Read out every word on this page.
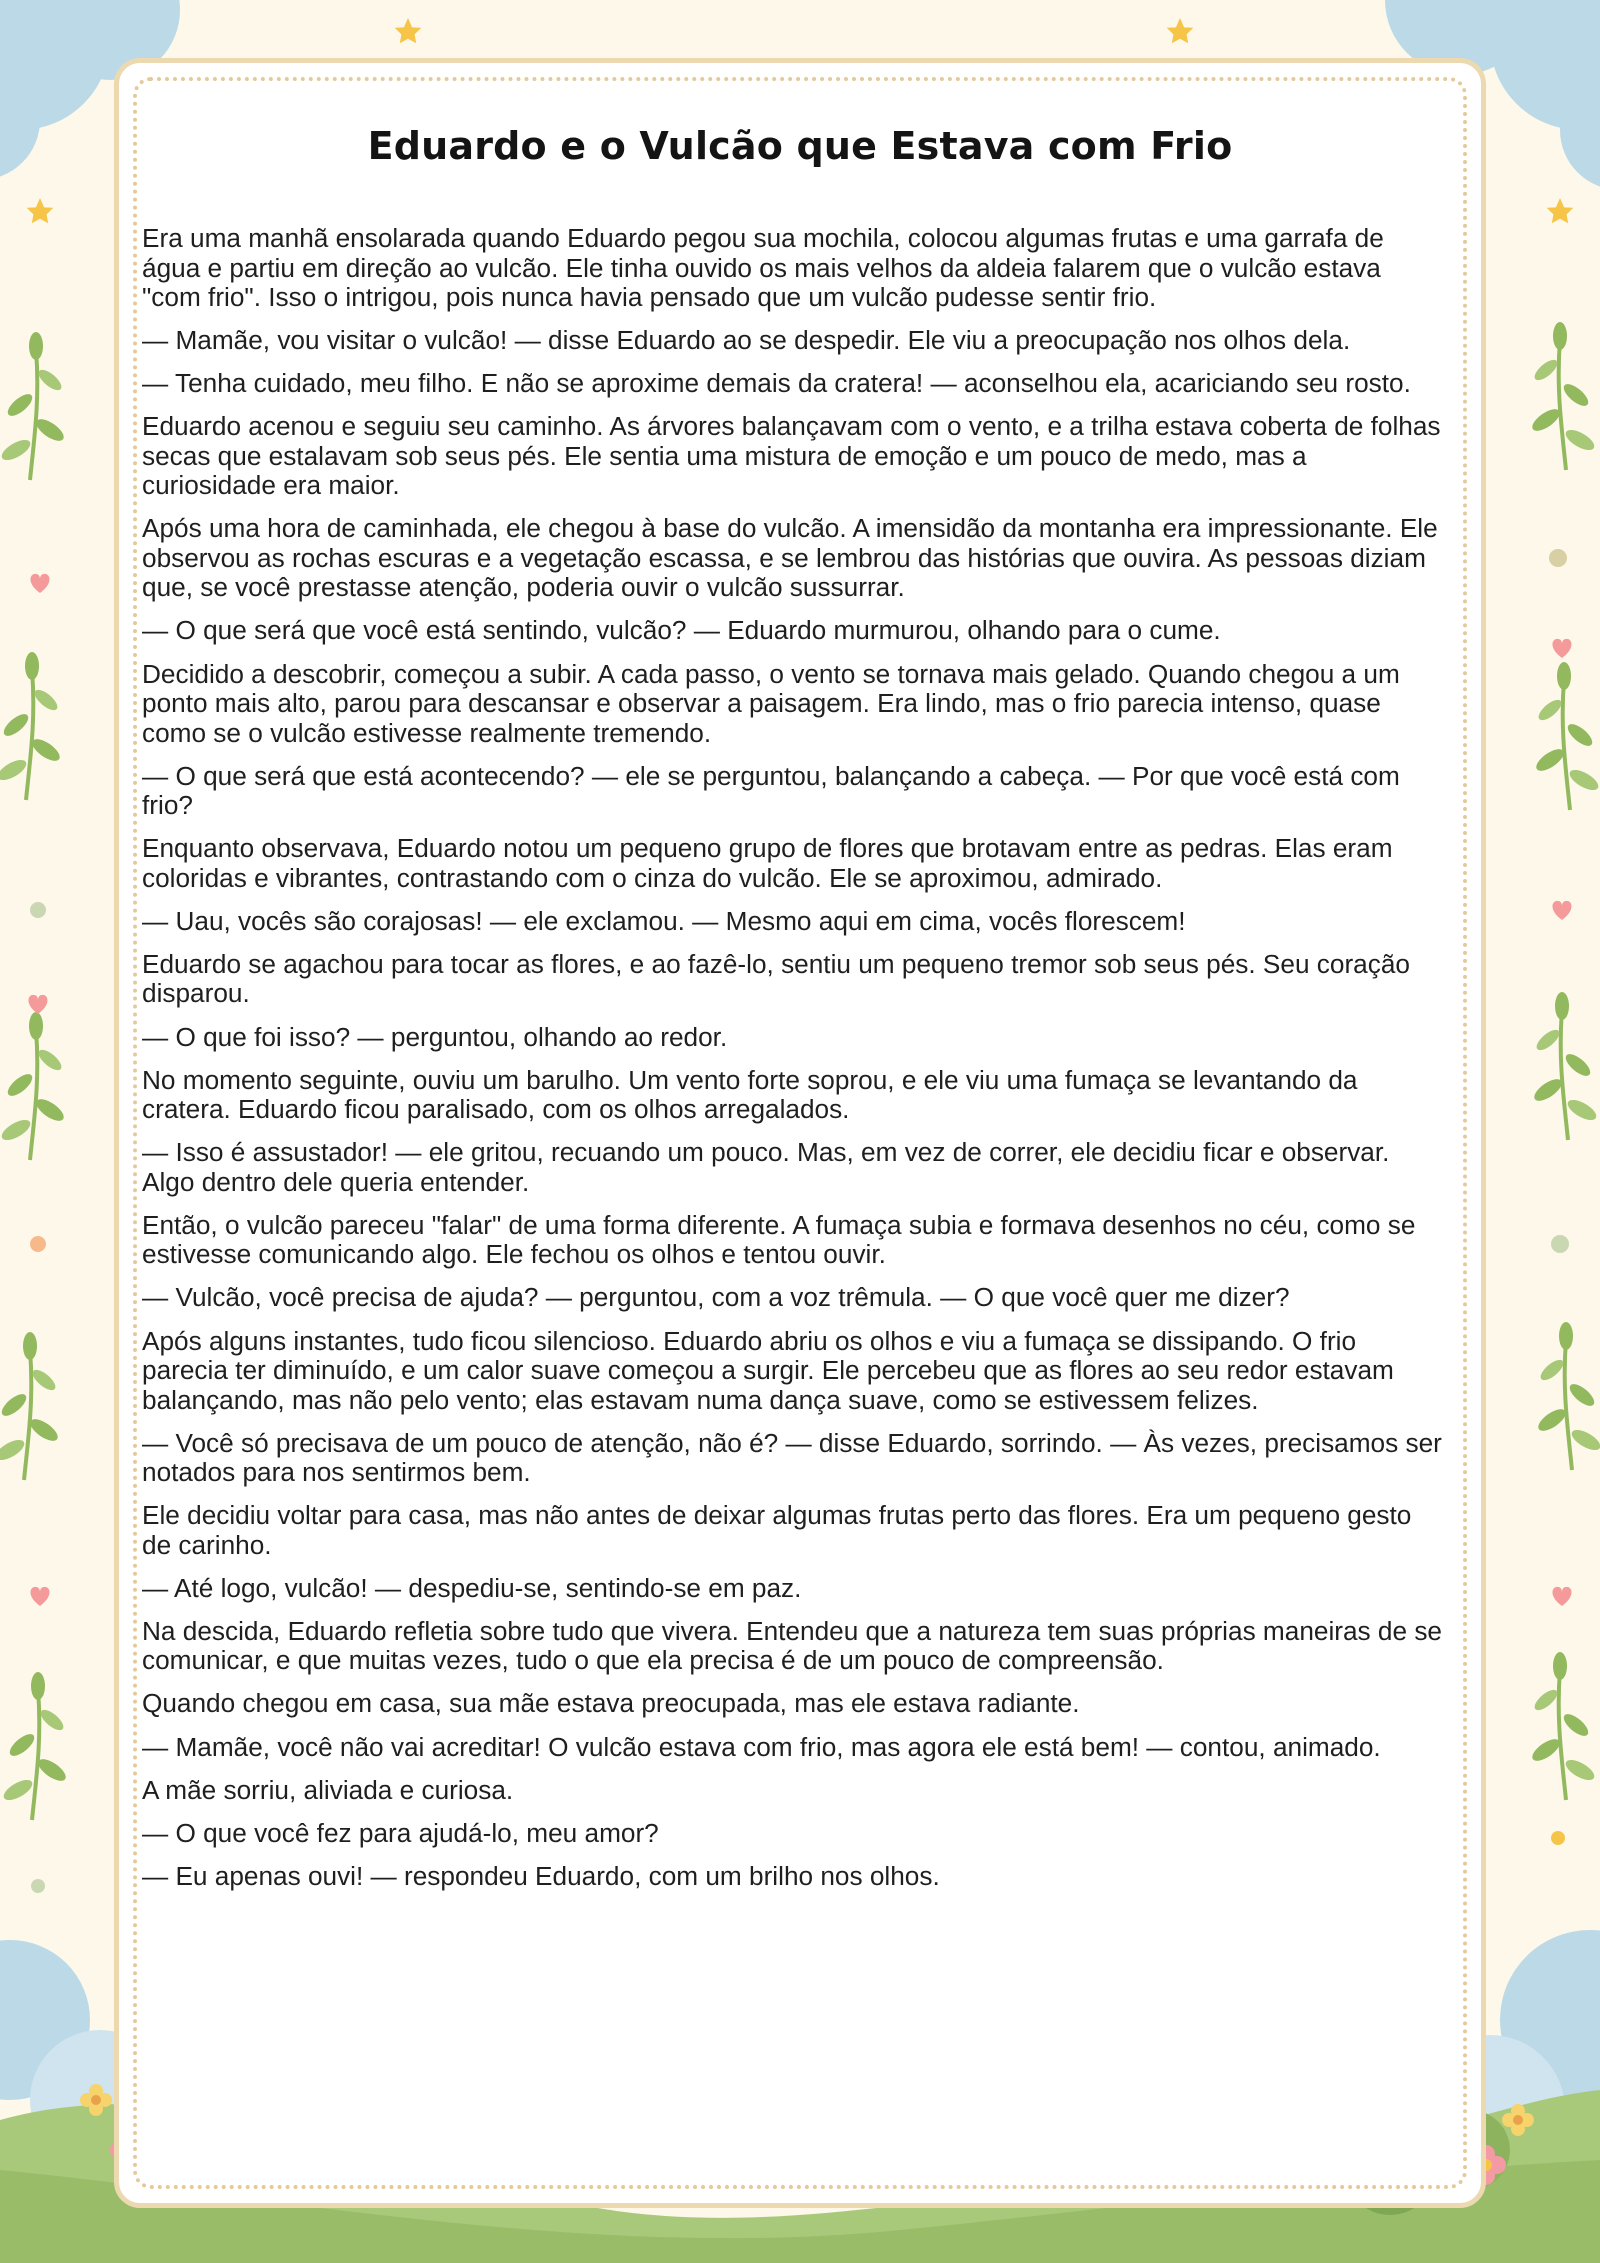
Eduardo e o Vulcão que Estava com Frio

Era uma manhã ensolarada quando Eduardo pegou sua mochila, colocou algumas frutas e uma garrafa de água e partiu em direção ao vulcão. Ele tinha ouvido os mais velhos da aldeia falarem que o vulcão estava "com frio". Isso o intrigou, pois nunca havia pensado que um vulcão pudesse sentir frio.

— Mamãe, vou visitar o vulcão! — disse Eduardo ao se despedir. Ele viu a preocupação nos olhos dela.

— Tenha cuidado, meu filho. E não se aproxime demais da cratera! — aconselhou ela, acariciando seu rosto.

Eduardo acenou e seguiu seu caminho. As árvores balançavam com o vento, e a trilha estava coberta de folhas secas que estalavam sob seus pés. Ele sentia uma mistura de emoção e um pouco de medo, mas a curiosidade era maior.

Após uma hora de caminhada, ele chegou à base do vulcão. A imensidão da montanha era impressionante. Ele observou as rochas escuras e a vegetação escassa, e se lembrou das histórias que ouvira. As pessoas diziam que, se você prestasse atenção, poderia ouvir o vulcão sussurrar.

— O que será que você está sentindo, vulcão? — Eduardo murmurou, olhando para o cume.

Decidido a descobrir, começou a subir. A cada passo, o vento se tornava mais gelado. Quando chegou a um ponto mais alto, parou para descansar e observar a paisagem. Era lindo, mas o frio parecia intenso, quase como se o vulcão estivesse realmente tremendo.

— O que será que está acontecendo? — ele se perguntou, balançando a cabeça. — Por que você está com frio?

Enquanto observava, Eduardo notou um pequeno grupo de flores que brotavam entre as pedras. Elas eram coloridas e vibrantes, contrastando com o cinza do vulcão. Ele se aproximou, admirado.

— Uau, vocês são corajosas! — ele exclamou. — Mesmo aqui em cima, vocês florescem!

Eduardo se agachou para tocar as flores, e ao fazê-lo, sentiu um pequeno tremor sob seus pés. Seu coração disparou.

— O que foi isso? — perguntou, olhando ao redor.

No momento seguinte, ouviu um barulho. Um vento forte soprou, e ele viu uma fumaça se levantando da cratera. Eduardo ficou paralisado, com os olhos arregalados.

— Isso é assustador! — ele gritou, recuando um pouco. Mas, em vez de correr, ele decidiu ficar e observar. Algo dentro dele queria entender.

Então, o vulcão pareceu "falar" de uma forma diferente. A fumaça subia e formava desenhos no céu, como se estivesse comunicando algo. Ele fechou os olhos e tentou ouvir.

— Vulcão, você precisa de ajuda? — perguntou, com a voz trêmula. — O que você quer me dizer?

Após alguns instantes, tudo ficou silencioso. Eduardo abriu os olhos e viu a fumaça se dissipando. O frio parecia ter diminuído, e um calor suave começou a surgir. Ele percebeu que as flores ao seu redor estavam balançando, mas não pelo vento; elas estavam numa dança suave, como se estivessem felizes.

— Você só precisava de um pouco de atenção, não é? — disse Eduardo, sorrindo. — Às vezes, precisamos ser notados para nos sentirmos bem.

Ele decidiu voltar para casa, mas não antes de deixar algumas frutas perto das flores. Era um pequeno gesto de carinho.

— Até logo, vulcão! — despediu-se, sentindo-se em paz.

Na descida, Eduardo refletia sobre tudo que vivera. Entendeu que a natureza tem suas próprias maneiras de se comunicar, e que muitas vezes, tudo o que ela precisa é de um pouco de compreensão.

Quando chegou em casa, sua mãe estava preocupada, mas ele estava radiante.

— Mamãe, você não vai acreditar! O vulcão estava com frio, mas agora ele está bem! — contou, animado.

A mãe sorriu, aliviada e curiosa.

— O que você fez para ajudá-lo, meu amor?

— Eu apenas ouvi! — respondeu Eduardo, com um brilho nos olhos.
